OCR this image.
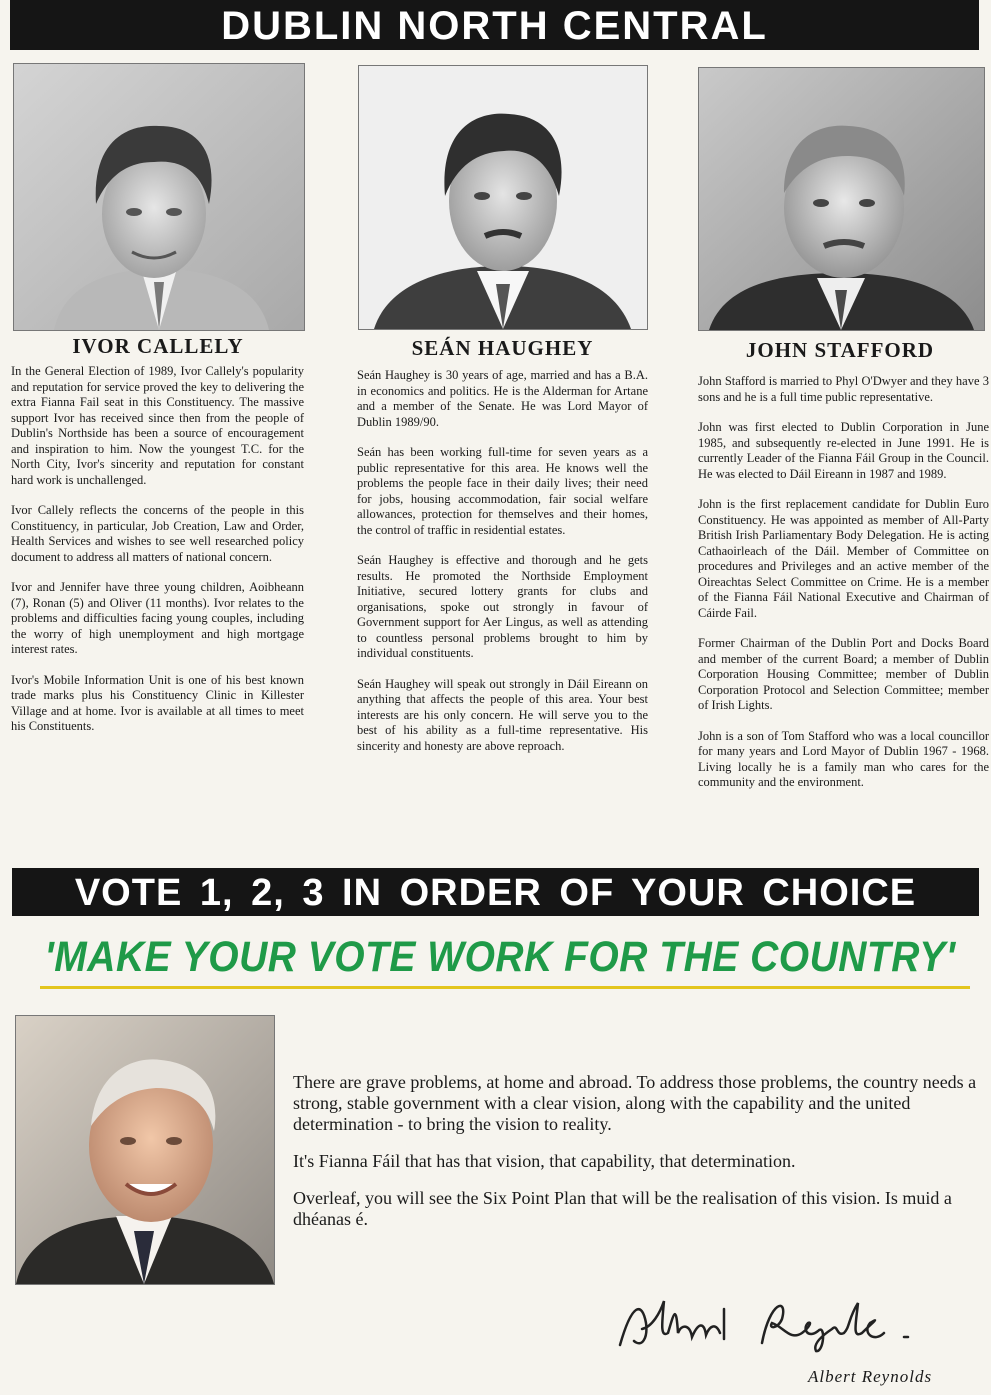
DUBLIN NORTH CENTRAL
IVOR CALLELY	SEÁN HAUGHEY	JOHN STAFFORD

In the General Election of 1989, Ivor Callely's popularity and reputation for service proved the key to delivering the extra Fianna Fail seat in this Constituency. The massive support Ivor has received since then from the people of Dublin's Northside has been a source of encouragement and inspiration to him. Now the youngest T.C. for the North City, Ivor's sincerity and reputation for constant hard work is unchallenged.

Ivor Callely reflects the concerns of the people in this Constituency, in particular, Job Creation, Law and Order, Health Services and wishes to see well researched policy document to address all matters of national concern.

Ivor and Jennifer have three young children, Aoibheann (7), Ronan (5) and Oliver (11 months). Ivor relates to the problems and difficulties facing young couples, including the worry of high unemployment and high mortgage interest rates.

Ivor's Mobile Information Unit is one of his best known trade marks plus his Constituency Clinic in Killester Village and at home. Ivor is available at all times to meet his Constituents.

Seán Haughey is 30 years of age, married and has a B.A. in economics and politics. He is the Alderman for Artane and a member of the Senate. He was Lord Mayor of Dublin 1989/90.

Seán has been working full-time for seven years as a public representative for this area. He knows well the problems the people face in their daily lives; their need for jobs, housing accommodation, fair social welfare allowances, protection for themselves and their homes, the control of traffic in residential estates.

Seán Haughey is effective and thorough and he gets results. He promoted the Northside Employment Initiative, secured lottery grants for clubs and organisations, spoke out strongly in favour of Government support for Aer Lingus, as well as attending to countless personal problems brought to him by individual constituents.

Seán Haughey will speak out strongly in Dáil Eireann on anything that affects the people of this area. Your best interests are his only concern. He will serve you to the best of his ability as a full-time representative. His sincerity and honesty are above reproach.

John Stafford is married to Phyl O'Dwyer and they have 3 sons and he is a full time public representative.

John was first elected to Dublin Corporation in June 1985, and subsequently re-elected in June 1991. He is currently Leader of the Fianna Fáil Group in the Council. He was elected to Dáil Eireann in 1987 and 1989.

John is the first replacement candidate for Dublin Euro Constituency. He was appointed as member of All-Party British Irish Parliamentary Body Delegation. He is acting Cathaoirleach of the Dáil. Member of Committee on procedures and Privileges and an active member of the Oireachtas Select Committee on Crime. He is a member of the Fianna Fáil National Executive and Chairman of Cáirde Fail.

Former Chairman of the Dublin Port and Docks Board and member of the current Board; a member of Dublin Corporation Housing Committee; member of Dublin Corporation Protocol and Selection Committee; member of Irish Lights.

John is a son of Tom Stafford who was a local councillor for many years and Lord Mayor of Dublin 1967 - 1968. Living locally he is a family man who cares for the community and the environment.

VOTE 1, 2, 3 IN ORDER OF YOUR CHOICE
'MAKE YOUR VOTE WORK FOR THE COUNTRY'

There are grave problems, at home and abroad. To address those problems, the country needs a strong, stable government with a clear vision, along with the capability and the united determination - to bring the vision to reality.

It's Fianna Fáil that has that vision, that capability, that determination.

Overleaf, you will see the Six Point Plan that will be the realisation of this vision. Is muid a dhéanas é.

Albert Reynolds
